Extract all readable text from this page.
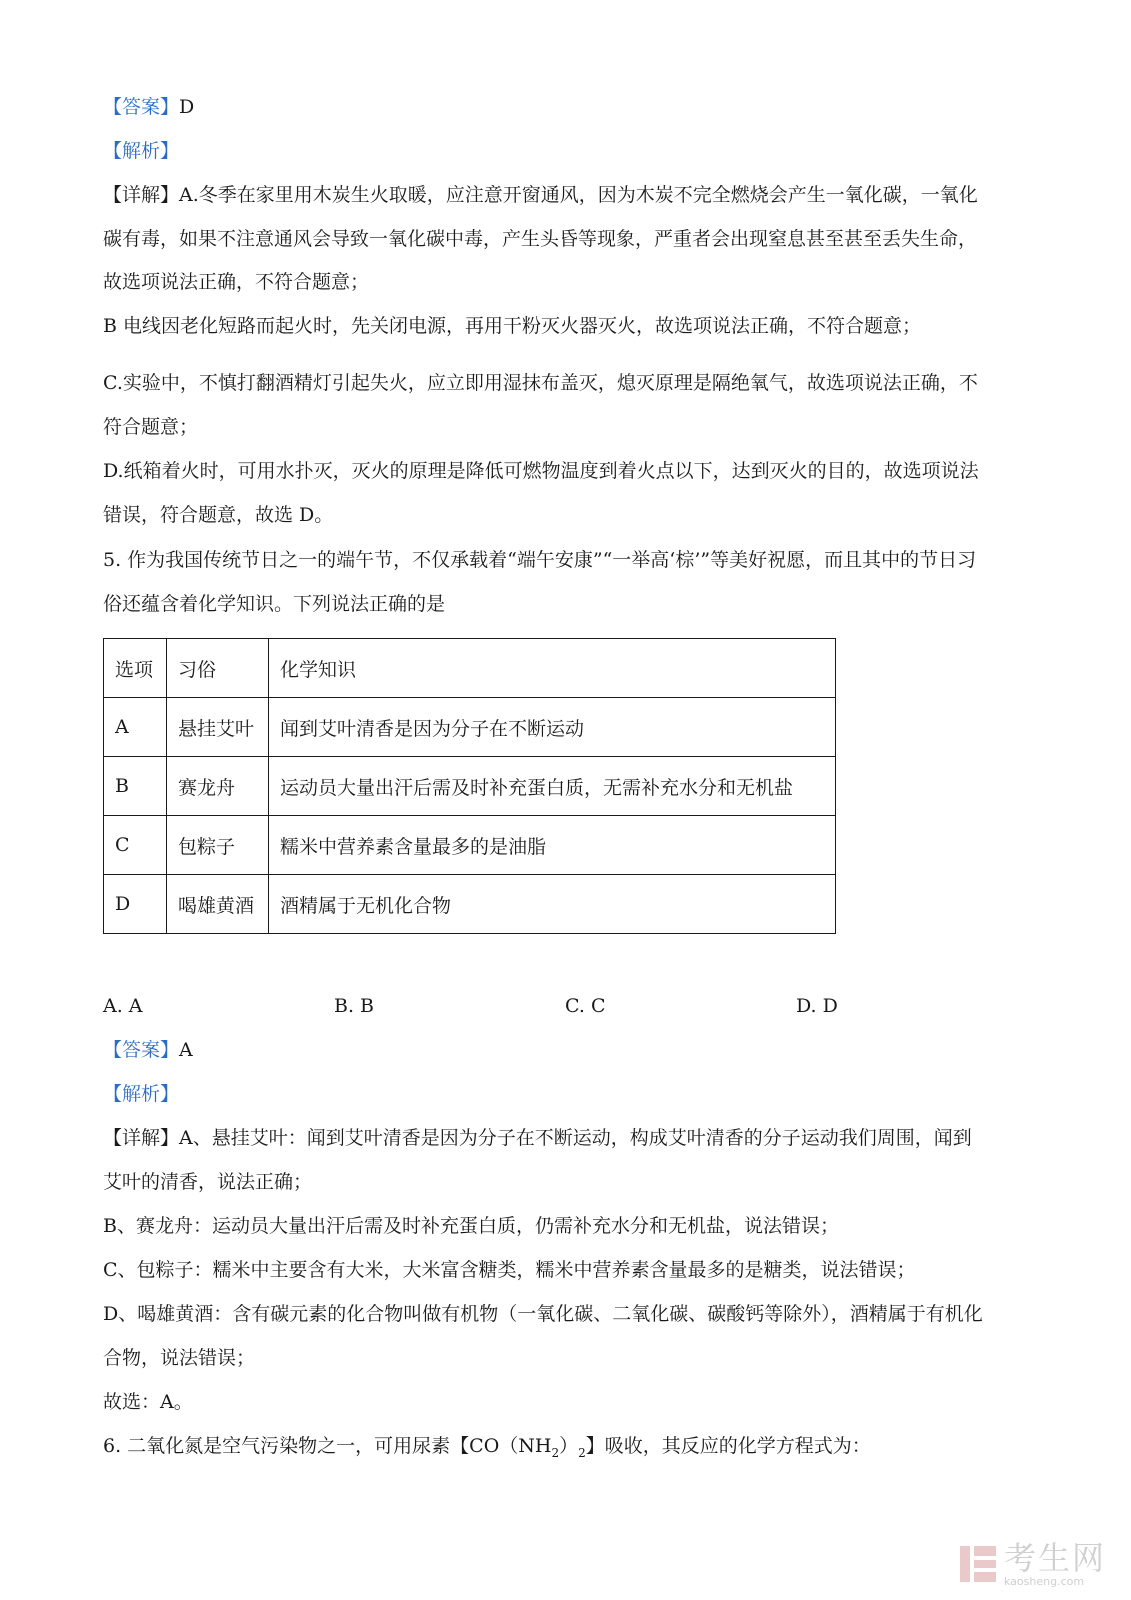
【答案】D
【解析】
【详解】A.冬季在家里用木炭生火取暖，应注意开窗通风，因为木炭不完全燃烧会产生一氧化碳，一氧化
碳有毒，如果不注意通风会导致一氧化碳中毒，产生头昏等现象，严重者会出现窒息甚至甚至丢失生命，
故选项说法正确，不符合题意；
B 电线因老化短路而起火时，先关闭电源，再用干粉灭火器灭火，故选项说法正确，不符合题意；
C.实验中，不慎打翻酒精灯引起失火，应立即用湿抹布盖灭，熄灭原理是隔绝氧气，故选项说法正确，不
符合题意；
D.纸箱着火时，可用水扑灭，灭火的原理是降低可燃物温度到着火点以下，达到灭火的目的，故选项说法
错误，符合题意，故选 D。
5. 作为我国传统节日之一的端午节，不仅承载着“端午安康”“一举高‘棕’”等美好祝愿，而且其中的节日习
俗还蕴含着化学知识。下列说法正确的是
选项	习俗	化学知识
A	悬挂艾叶	闻到艾叶清香是因为分子在不断运动
B	赛龙舟	运动员大量出汗后需及时补充蛋白质，无需补充水分和无机盐
C	包粽子	糯米中营养素含量最多的是油脂
D	喝雄黄酒	酒精属于无机化合物
A. A	B. B	C. C	D. D
【答案】A
【解析】
【详解】A、悬挂艾叶：闻到艾叶清香是因为分子在不断运动，构成艾叶清香的分子运动我们周围，闻到
艾叶的清香，说法正确；
B、赛龙舟：运动员大量出汗后需及时补充蛋白质，仍需补充水分和无机盐，说法错误；
C、包粽子：糯米中主要含有大米，大米富含糖类，糯米中营养素含量最多的是糖类，说法错误；
D、喝雄黄酒：含有碳元素的化合物叫做有机物（一氧化碳、二氧化碳、碳酸钙等除外），酒精属于有机化
合物，说法错误；
故选：A。
6. 二氧化氮是空气污染物之一，可用尿素【$CO(NH_2)_2$】吸收，其反应的化学方程式为：
考生网
kaosheng.com
